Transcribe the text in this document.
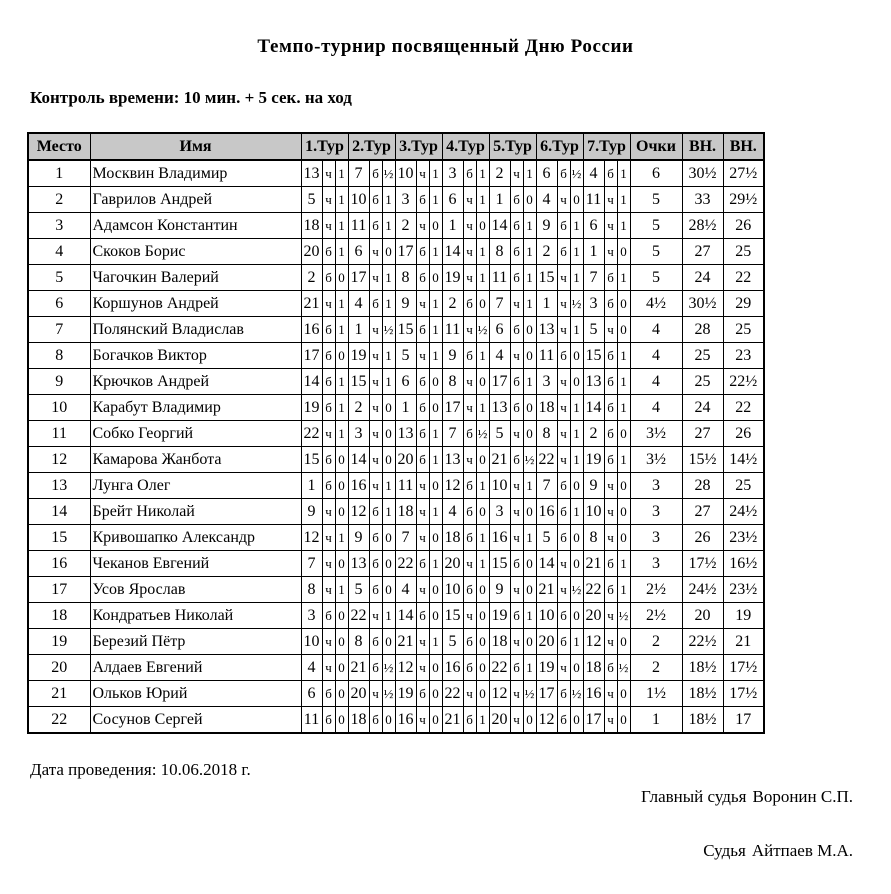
Темпо-турнир посвященный Дню России
Контроль времени: 10 мин. + 5 сек. на ход
Место	Имя	1.Тур			2.Тур			3.Тур			4.Тур			5.Тур			6.Тур			7.Тур			Очки	ВН.	ВН.
1	Москвин Владимир	13	ч	1	7	б	½	10	ч	1	3	б	1	2	ч	1	6	б	½	4	б	1	6	30½	27½
2	Гаврилов Андрей	5	ч	1	10	б	1	3	б	1	6	ч	1	1	б	0	4	ч	0	11	ч	1	5	33	29½
3	Адамсон Константин	18	ч	1	11	б	1	2	ч	0	1	ч	0	14	б	1	9	б	1	6	ч	1	5	28½	26
4	Скоков Борис	20	б	1	6	ч	0	17	б	1	14	ч	1	8	б	1	2	б	1	1	ч	0	5	27	25
5	Чагочкин Валерий	2	б	0	17	ч	1	8	б	0	19	ч	1	11	б	1	15	ч	1	7	б	1	5	24	22
6	Коршунов Андрей	21	ч	1	4	б	1	9	ч	1	2	б	0	7	ч	1	1	ч	½	3	б	0	4½	30½	29
7	Полянский Владислав	16	б	1	1	ч	½	15	б	1	11	ч	½	6	б	0	13	ч	1	5	ч	0	4	28	25
8	Богачков Виктор	17	б	0	19	ч	1	5	ч	1	9	б	1	4	ч	0	11	б	0	15	б	1	4	25	23
9	Крючков Андрей	14	б	1	15	ч	1	6	б	0	8	ч	0	17	б	1	3	ч	0	13	б	1	4	25	22½
10	Карабут Владимир	19	б	1	2	ч	0	1	б	0	17	ч	1	13	б	0	18	ч	1	14	б	1	4	24	22
11	Собко Георгий	22	ч	1	3	ч	0	13	б	1	7	б	½	5	ч	0	8	ч	1	2	б	0	3½	27	26
12	Камарова Жанбота	15	б	0	14	ч	0	20	б	1	13	ч	0	21	б	½	22	ч	1	19	б	1	3½	15½	14½
13	Лунга Олег	1	б	0	16	ч	1	11	ч	0	12	б	1	10	ч	1	7	б	0	9	ч	0	3	28	25
14	Брейт Николай	9	ч	0	12	б	1	18	ч	1	4	б	0	3	ч	0	16	б	1	10	ч	0	3	27	24½
15	Кривошапко Александр	12	ч	1	9	б	0	7	ч	0	18	б	1	16	ч	1	5	б	0	8	ч	0	3	26	23½
16	Чеканов Евгений	7	ч	0	13	б	0	22	б	1	20	ч	1	15	б	0	14	ч	0	21	б	1	3	17½	16½
17	Усов Ярослав	8	ч	1	5	б	0	4	ч	0	10	б	0	9	ч	0	21	ч	½	22	б	1	2½	24½	23½
18	Кондратьев Николай	3	б	0	22	ч	1	14	б	0	15	ч	0	19	б	1	10	б	0	20	ч	½	2½	20	19
19	Березий Пётр	10	ч	0	8	б	0	21	ч	1	5	б	0	18	ч	0	20	б	1	12	ч	0	2	22½	21
20	Алдаев Евгений	4	ч	0	21	б	½	12	ч	0	16	б	0	22	б	1	19	ч	0	18	б	½	2	18½	17½
21	Ольков Юрий	6	б	0	20	ч	½	19	б	0	22	ч	0	12	ч	½	17	б	½	16	ч	0	1½	18½	17½
22	Сосунов Сергей	11	б	0	18	б	0	16	ч	0	21	б	1	20	ч	0	12	б	0	17	ч	0	1	18½	17
Дата проведения: 10.06.2018 г.
Главный судья Воронин С.П.
Судья Айтпаев М.А.
